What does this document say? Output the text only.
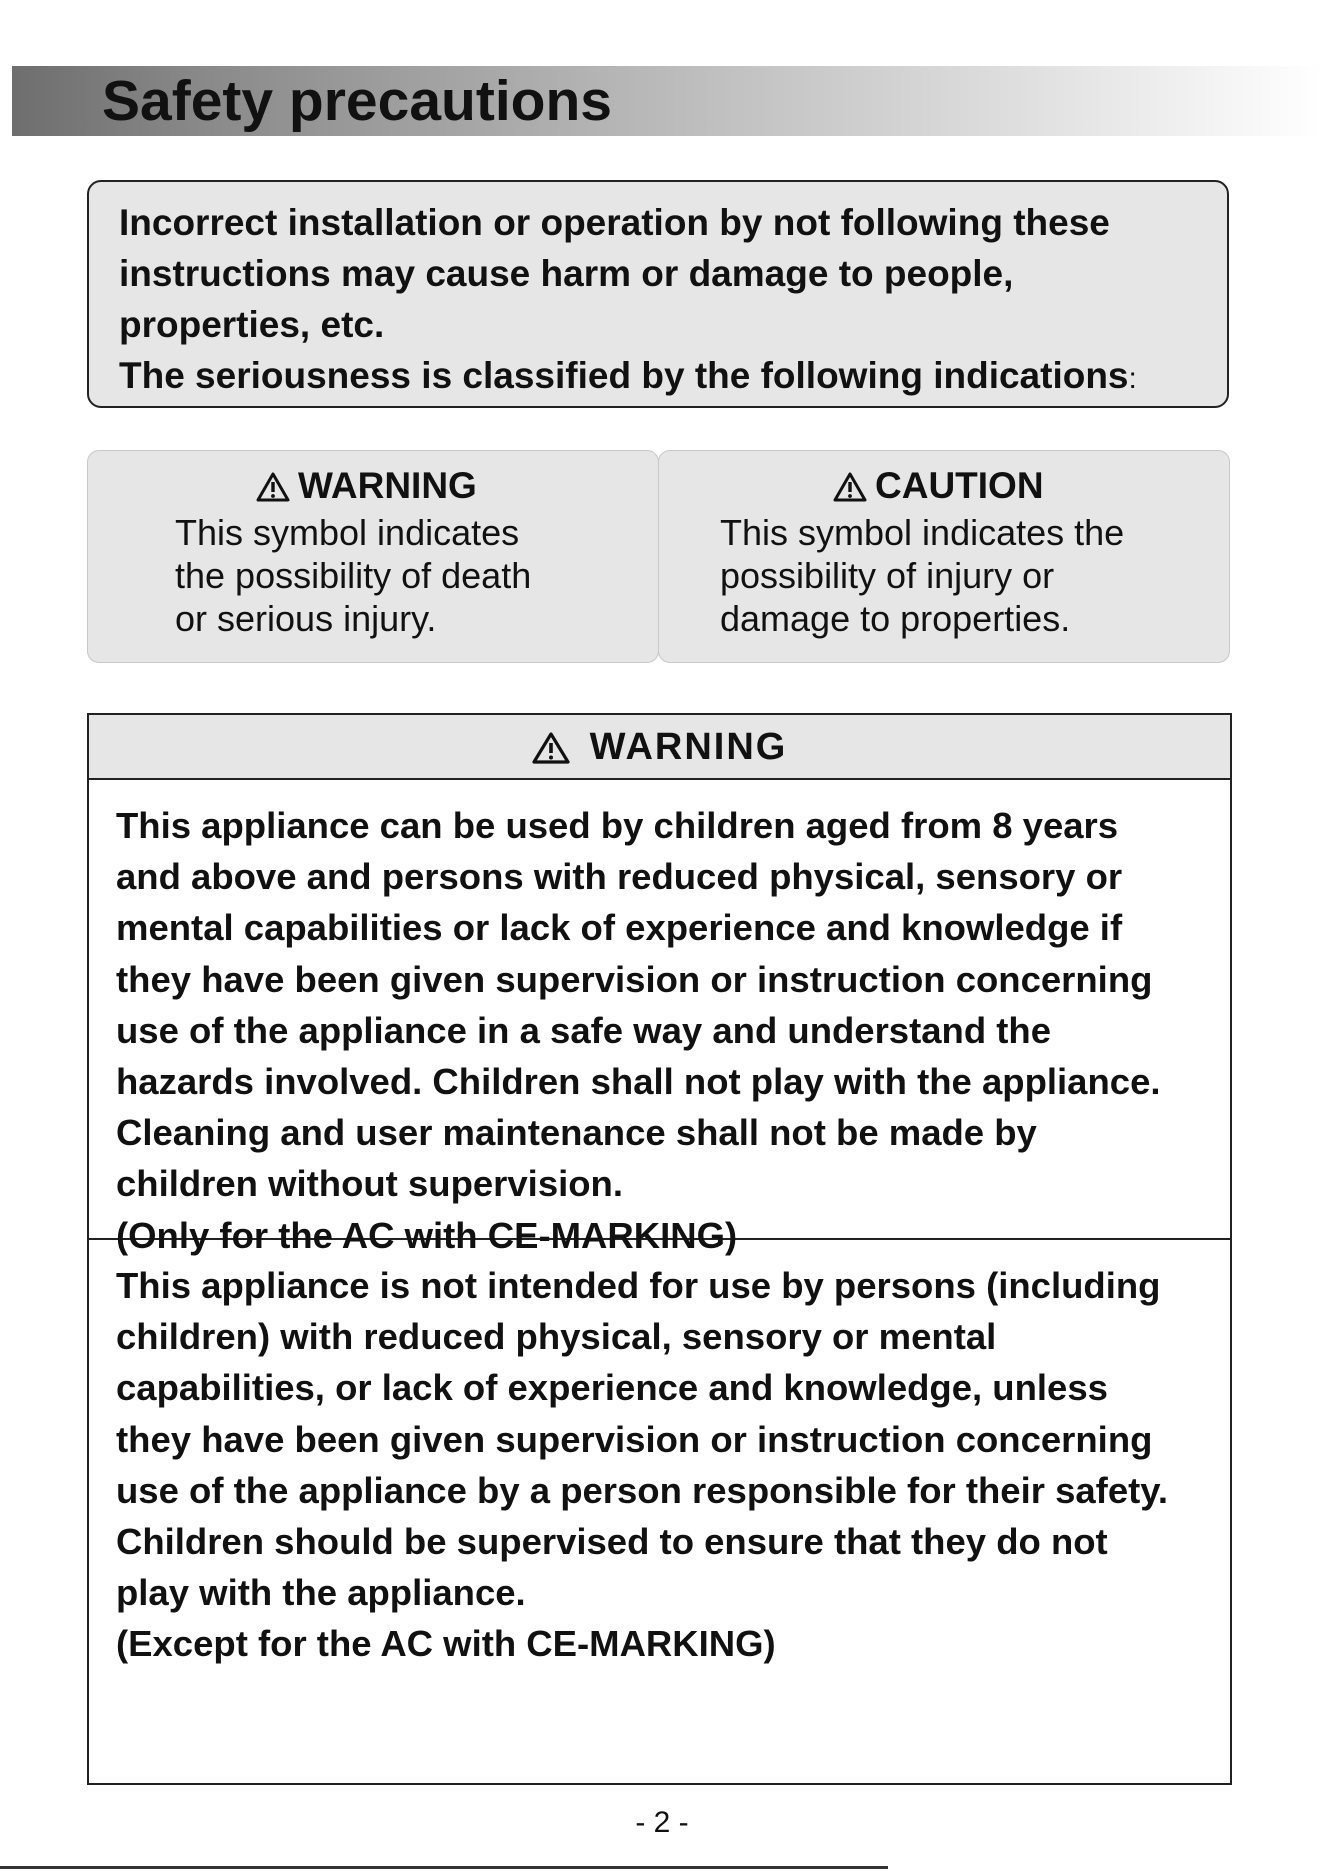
Safety precautions

Incorrect installation or operation by not following these

instructions may cause harm or damage to people,

properties, etc.

The seriousness is classified by the following indications:

WARNING
This symbol indicates
the possibility of death
or serious injury.
CAUTION
This symbol indicates the
possibility of injury or
damage to properties.
WARNING
This appliance can be used by children aged from 8 years
and above and persons with reduced physical, sensory or
mental capabilities or lack of experience and knowledge if
they have been given supervision or instruction concerning
use of the appliance in a safe way and understand the
hazards involved. Children shall not play with the appliance.
Cleaning and user maintenance shall not be made by
children without supervision.
(Only for the AC with CE-MARKING)
This appliance is not intended for use by persons (including
children) with reduced physical, sensory or mental
capabilities, or lack of experience and knowledge, unless
they have been given supervision or instruction concerning
use of the appliance by a person responsible for their safety.
Children should be supervised to ensure that they do not
play with the appliance.
(Except for the AC with CE-MARKING)
- 2 -
